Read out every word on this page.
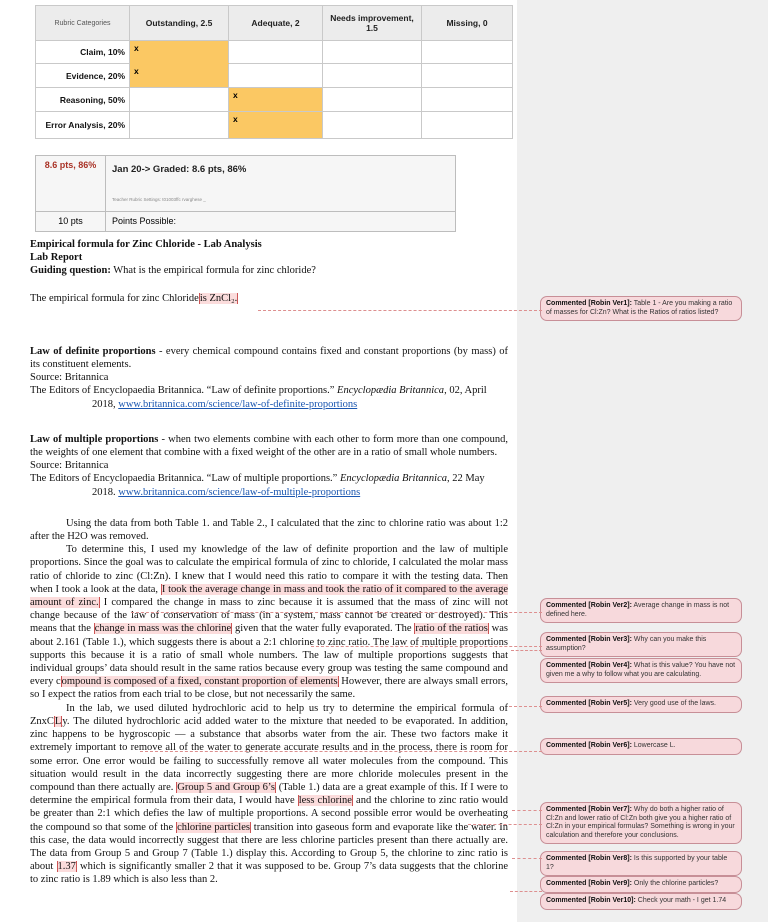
Rubric Categories	Outstanding, 2.5	Adequate, 2	Needs improvement, 1.5	Missing, 0
Claim, 10%	x			
Evidence, 20%	x			
Reasoning, 50%		x		
Error Analysis, 20%		x		
8.6 pts, 86%	Jan 20-> Graded: 8.6 pts, 86%
Teacher Rubric Settings: t01003ffc rvarghese _

10 pts	Points Possible:
Empirical formula for Zinc Chloride - Lab Analysis
Lab Report
Guiding question: What is the empirical formula for zinc chloride?
The empirical formula for zinc Chlorideis ZnCl₂.
Law of definite proportions - every chemical compound contains fixed and constant proportions (by mass) of its constituent elements.
Source: Britannica
The Editors of Encyclopaedia Britannica. “Law of definite proportions.” Encyclopædia Britannica, 02, April 2018, www.britannica.com/science/law-of-definite-proportions
Law of multiple proportions - when two elements combine with each other to form more than one compound, the weights of one element that combine with a fixed weight of the other are in a ratio of small whole numbers.
Source: Britannica
The Editors of Encyclopaedia Britannica. “Law of multiple proportions.” Encyclopædia Britannica, 22 May 2018. www.britannica.com/science/law-of-multiple-proportions
Using the data from both Table 1. and Table 2., I calculated that the zinc to chlorine ratio was about 1:2 after the H2O was removed.
To determine this, I used my knowledge of the law of definite proportion and the law of multiple proportions. Since the goal was to calculate the empirical formula of zinc to chloride, I calculated the molar mass ratio of chloride to zinc (Cl:Zn). I knew that I would need this ratio to compare it with the testing data. Then when I took a look at the data, I took the average change in mass and took the ratio of it compared to the average amount of zinc. I compared the change in mass to zinc because it is assumed that the mass of zinc will not change because of the law of conservation of mass (in a system, mass cannot be created or destroyed). This means that the change in mass was the chlorine given that the water fully evaporated. The ratio of the ratios was about 2.161 (Table 1.), which suggests there is about a 2:1 chlorine to zinc ratio. The law of multiple proportions supports this because it is a ratio of small whole numbers. The law of multiple proportions suggests that individual groups’ data should result in the same ratios because every group was testing the same compound and every compound is composed of a fixed, constant proportion of elements However, there are always small errors, so I expect the ratios from each trial to be close, but not necessarily the same.
In the lab, we used diluted hydrochloric acid to help us try to determine the empirical formula of ZnxCLy. The diluted hydrochloric acid added water to the mixture that needed to be evaporated. In addition, zinc happens to be hygroscopic — a substance that absorbs water from the air. These two factors make it extremely important to remove all of the water to generate accurate results and in the process, there is room for some error. One error would be failing to successfully remove all water molecules from the compound. This situation would result in the data incorrectly suggesting there are more chloride molecules present in the compound than there actually are. Group 5 and Group 6’s (Table 1.) data are a great example of this. If I were to determine the empirical formula from their data, I would have less chlorine and the chlorine to zinc ratio would be greater than 2:1 which defies the law of multiple proportions. A second possible error would be overheating the compound so that some of the chlorine particles transition into gaseous form and evaporate like the water. In this case, the data would incorrectly suggest that there are less chlorine particles present than there actually are. The data from Group 5 and Group 7 (Table 1.) display this. According to Group 5, the chlorine to zinc ratio is about 1.37 which is significantly smaller 2 that it was supposed to be. Group 7’s data suggests that the chlorine to zinc ratio is 1.89 which is also less than 2.
Commented [Robin Ver1]: Table 1 - Are you making a ratio of masses for Cl:Zn? What is the Ratios of ratios listed?
Commented [Robin Ver2]: Average change in mass is not defined here.
Commented [Robin Ver3]: Why can you make this assumption?
Commented [Robin Ver4]: What is this value? You have not given me a why to follow what you are calculating.
Commented [Robin Ver5]: Very good use of the laws.
Commented [Robin Ver6]: Lowercase L.
Commented [Robin Ver7]: Why do both a higher ratio of Cl:Zn and lower ratio of Cl:Zn both give you a higher ratio of Cl:Zn in your empirical formulas? Something is wrong in your calculation and therefore your conclusions.
Commented [Robin Ver8]: Is this supported by your table 1?
Commented [Robin Ver9]: Only the chlorine particles?
Commented [Robin Ver10]: Check your math - I get 1.74
